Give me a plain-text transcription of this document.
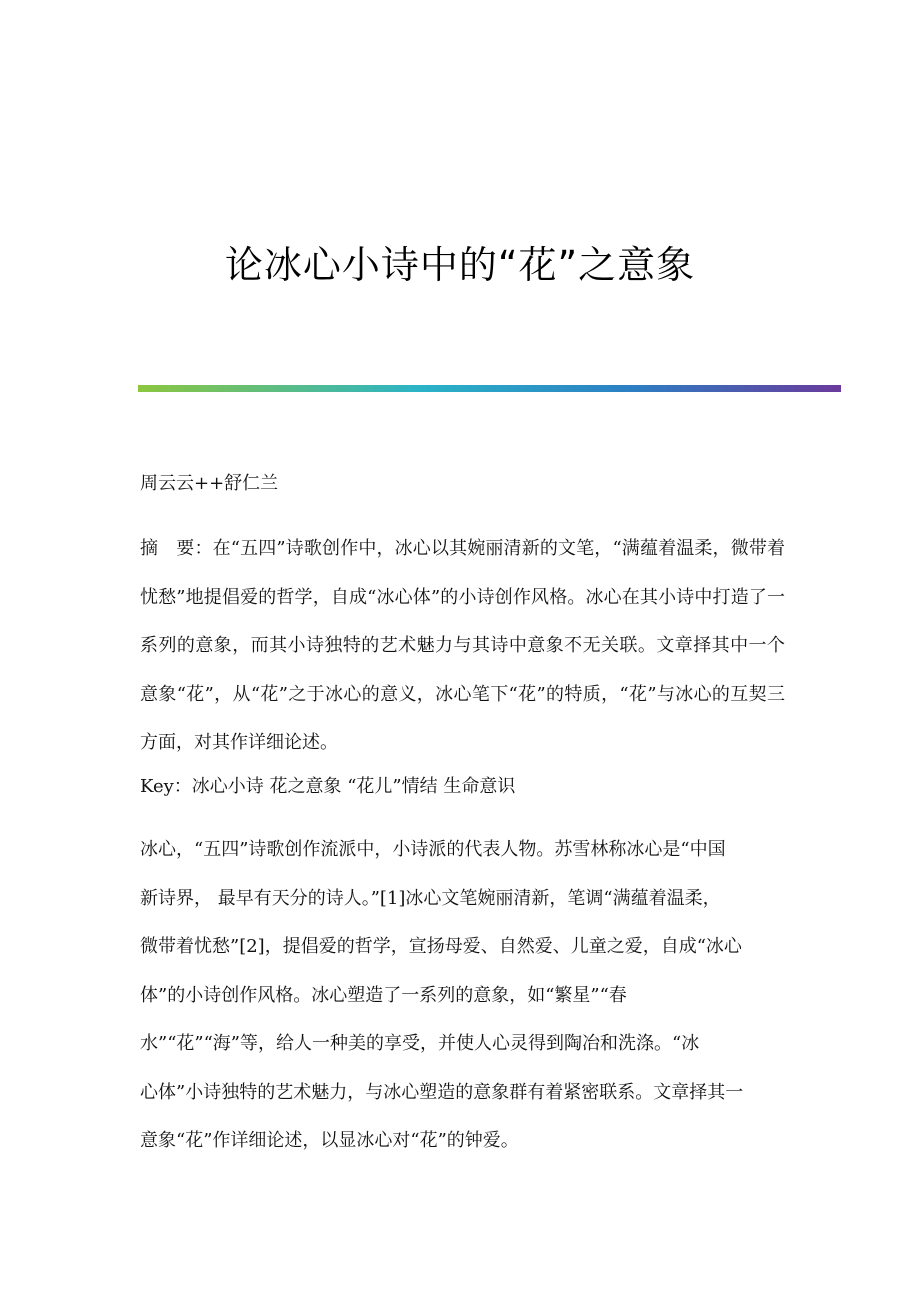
论冰心小诗中的“花”之意象
周云云++舒仁兰
摘　要：在“五四”诗歌创作中，冰心以其婉丽清新的文笔，“满蕴着温柔，微带着忧愁”地提倡爱的哲学，自成“冰心体”的小诗创作风格。冰心在其小诗中打造了一系列的意象，而其小诗独特的艺术魅力与其诗中意象不无关联。文章择其中一个意象“花”，从“花”之于冰心的意义，冰心笔下“花”的特质，“花”与冰心的互契三方面，对其作详细论述。
Key：冰心小诗 花之意象 “花儿”情结 生命意识
冰心，“五四”诗歌创作流派中，小诗派的代表人物。苏雪林称冰心是“中国
新诗界， 最早有天分的诗人。”[1]冰心文笔婉丽清新，笔调“满蕴着温柔，
微带着忧愁”[2]，提倡爱的哲学，宣扬母爱、自然爱、儿童之爱，自成“冰心
体”的小诗创作风格。冰心塑造了一系列的意象，如“繁星”“春
水”“花”“海”等，给人一种美的享受，并使人心灵得到陶冶和洗涤。“冰
心体”小诗独特的艺术魅力，与冰心塑造的意象群有着紧密联系。文章择其一
意象“花”作详细论述，以显冰心对“花”的钟爱。
